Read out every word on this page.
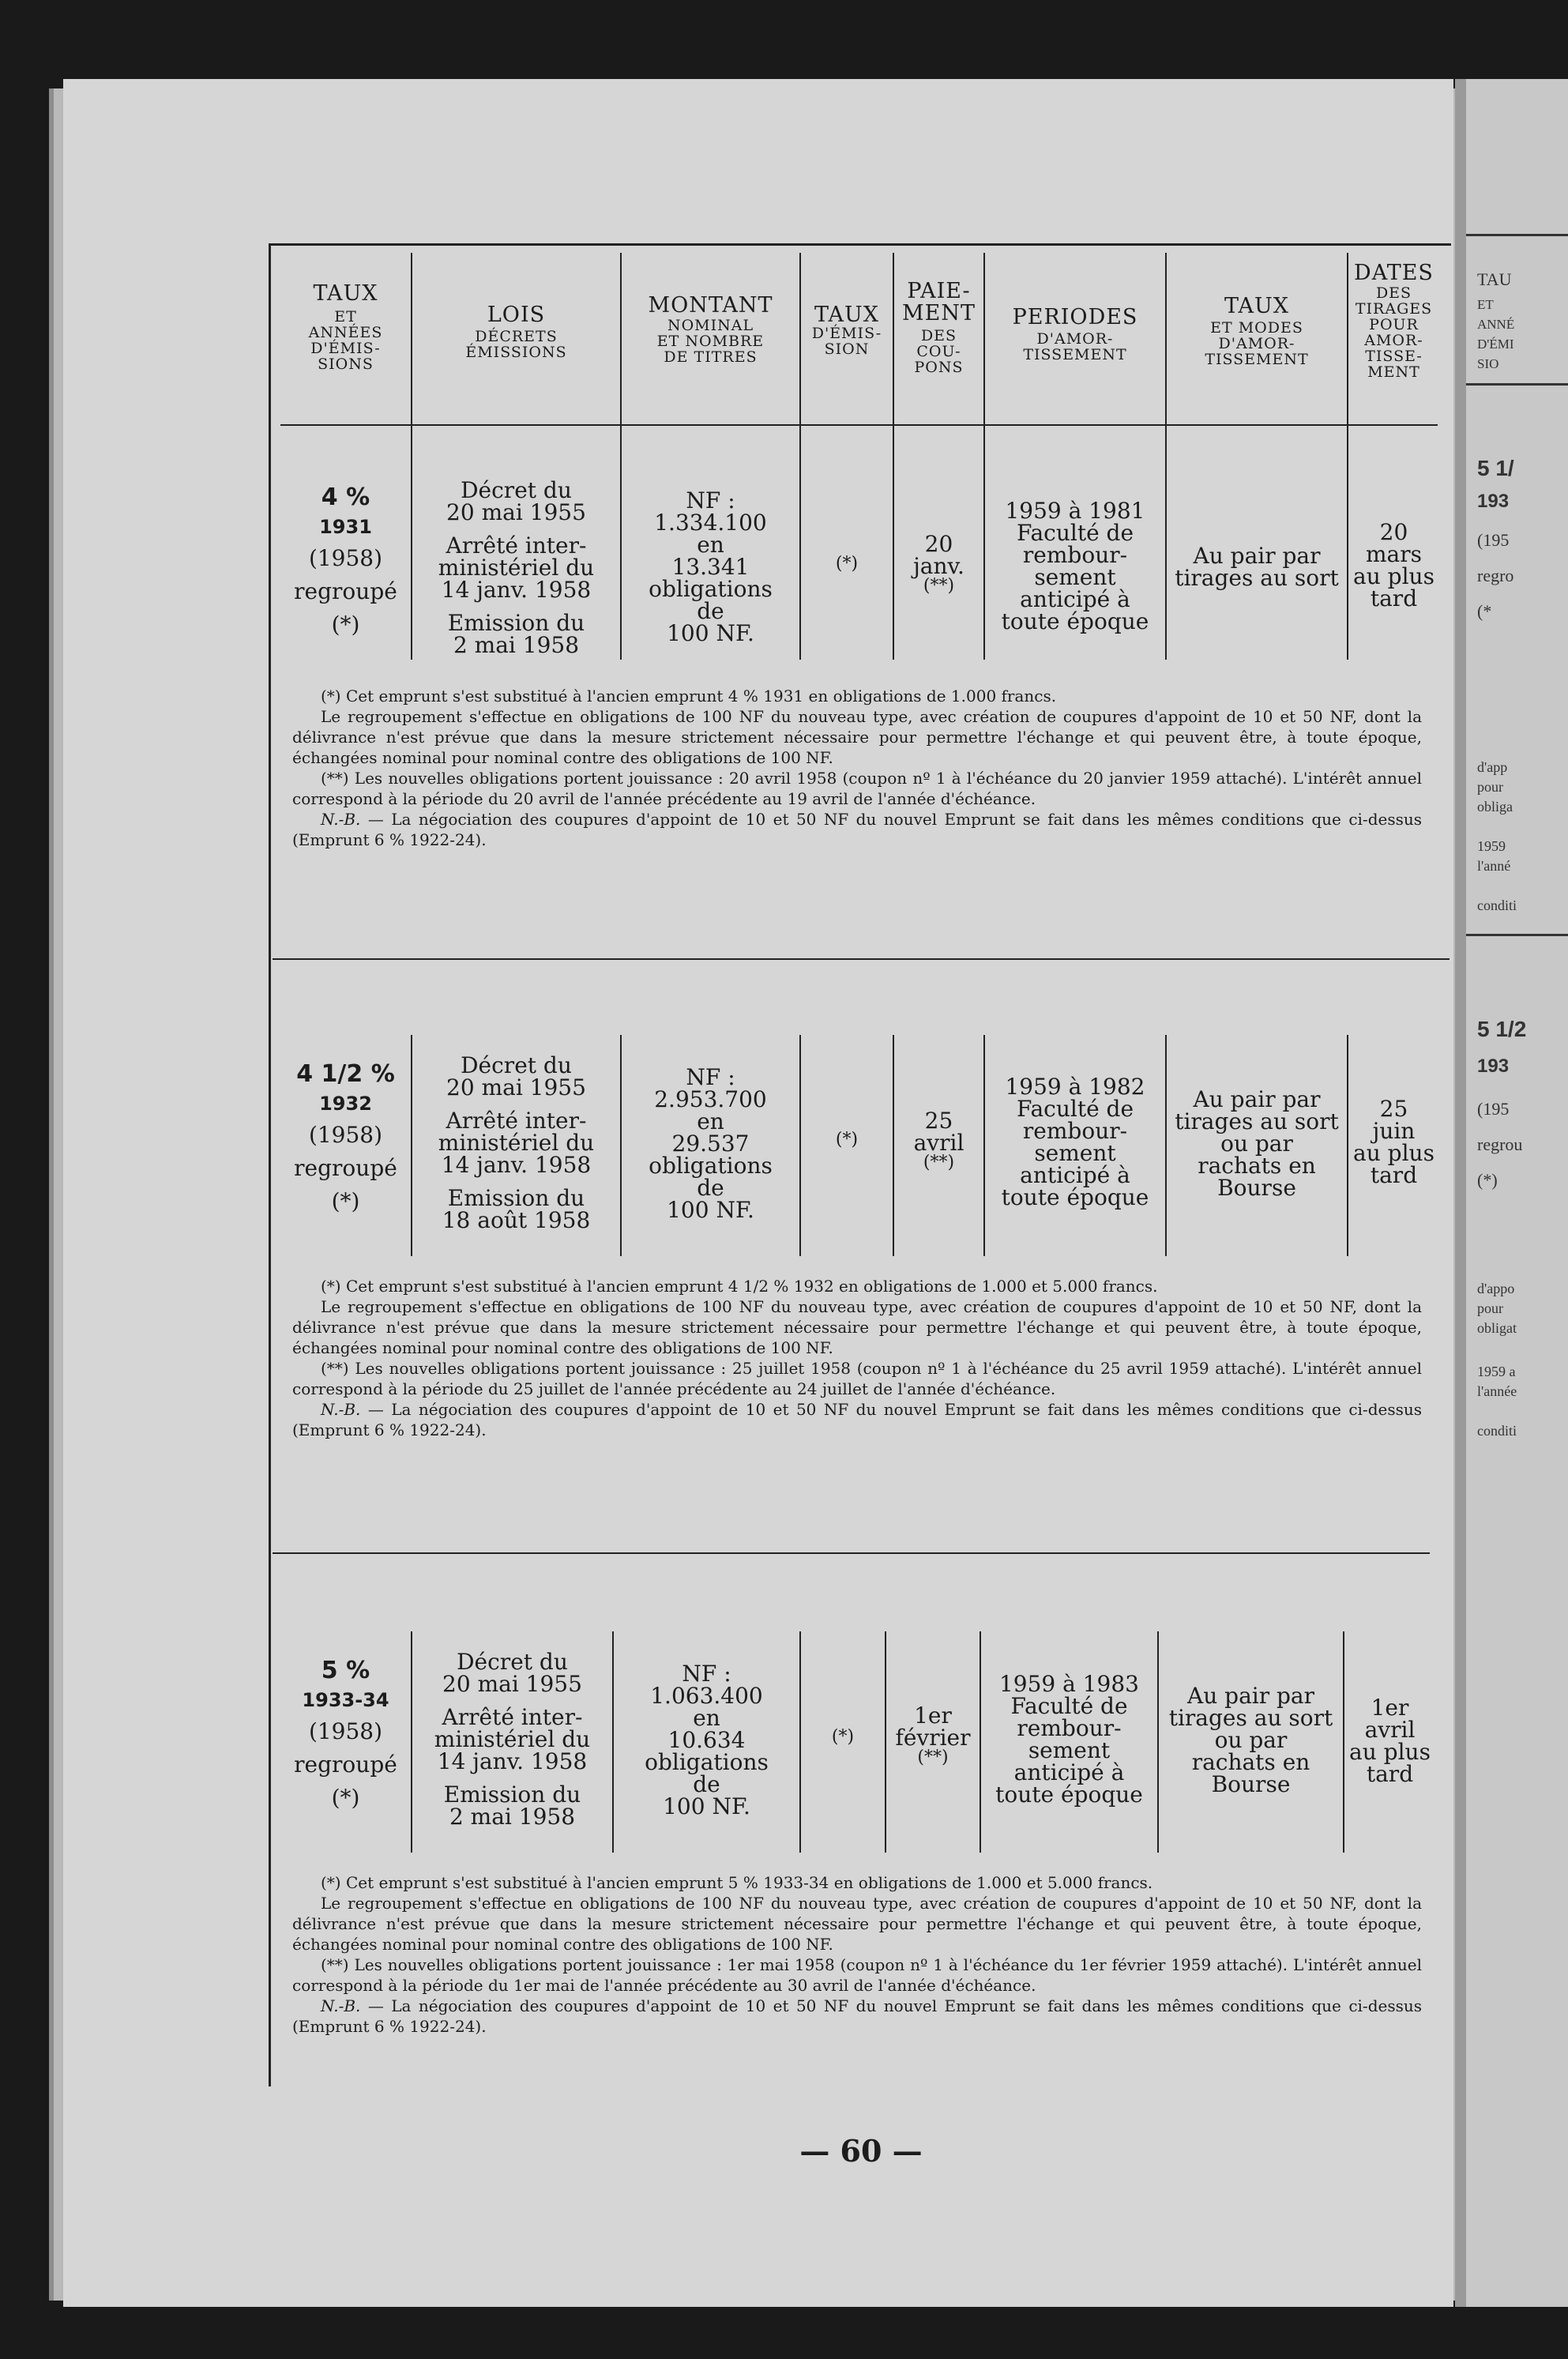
TAU
ET
ANNÉ
D'ÉMI
SIO
5 1/
193
(195
regro
(*
d'app
pour
obliga
1959
l'anné
conditi
5 1/2
193
(195
regrou
(*)
d'appo
pour
obligat
1959 a
l'année
conditi
TAUX
ET
ANNÉES
D'ÉMIS-
SIONS
LOIS
DÉCRETS
ÉMISSIONS
MONTANT
NOMINAL
ET NOMBRE
DE TITRES
TAUX
D'ÉMIS-
SION
PAIE-
MENT
DES
COU-
PONS
PERIODES
D'AMOR-
TISSEMENT
TAUX
ET MODES
D'AMOR-
TISSEMENT
DATES
DES
TIRAGES
POUR
AMOR-
TISSE-
MENT
4 %
1931
(1958)
regroupé
(*)
Décret du
20 mai 1955
Arrêté inter-
ministériel du
14 janv. 1958
Emission du
2 mai 1958
NF :
1.334.100
en
13.341
obligations
de
100 NF.
(*)
20
janv.
(**)
1959 à 1981
Faculté de
rembour-
sement
anticipé à
toute époque
Au pair par
tirages au sort
20
mars
au plus
tard

(*) Cet emprunt s'est substitué à l'ancien emprunt 4 % 1931 en obligations de 1.000 francs.

Le regroupement s'effectue en obligations de 100 NF du nouveau type, avec création de coupures d'appoint de 10 et 50 NF, dont la délivrance n'est prévue que dans la mesure strictement nécessaire pour permettre l'échange et qui peuvent être, à toute époque, échangées nominal pour nominal contre des obligations de 100 NF.

(**) Les nouvelles obligations portent jouissance : 20 avril 1958 (coupon nº 1 à l'échéance du 20 janvier 1959 attaché). L'intérêt annuel correspond à la période du 20 avril de l'année précédente au 19 avril de l'année d'échéance.

N.-B. — La négociation des coupures d'appoint de 10 et 50 NF du nouvel Emprunt se fait dans les mêmes conditions que ci-dessus (Emprunt 6 % 1922-24).

4 1/2 %
1932
(1958)
regroupé
(*)
Décret du
20 mai 1955
Arrêté inter-
ministériel du
14 janv. 1958
Emission du
18 août 1958
NF :
2.953.700
en
29.537
obligations
de
100 NF.
(*)
25
avril
(**)
1959 à 1982
Faculté de
rembour-
sement
anticipé à
toute époque
Au pair par
tirages au sort
ou par
rachats en
Bourse
25
juin
au plus
tard

(*) Cet emprunt s'est substitué à l'ancien emprunt 4 1/2 % 1932 en obligations de 1.000 et 5.000 francs.

Le regroupement s'effectue en obligations de 100 NF du nouveau type, avec création de coupures d'appoint de 10 et 50 NF, dont la délivrance n'est prévue que dans la mesure strictement nécessaire pour permettre l'échange et qui peuvent être, à toute époque, échangées nominal pour nominal contre des obligations de 100 NF.

(**) Les nouvelles obligations portent jouissance : 25 juillet 1958 (coupon nº 1 à l'échéance du 25 avril 1959 attaché). L'intérêt annuel correspond à la période du 25 juillet de l'année précédente au 24 juillet de l'année d'échéance.

N.-B. — La négociation des coupures d'appoint de 10 et 50 NF du nouvel Emprunt se fait dans les mêmes conditions que ci-dessus (Emprunt 6 % 1922-24).

5 %
1933-34
(1958)
regroupé
(*)
Décret du
20 mai 1955
Arrêté inter-
ministériel du
14 janv. 1958
Emission du
2 mai 1958
NF :
1.063.400
en
10.634
obligations
de
100 NF.
(*)
1er
février
(**)
1959 à 1983
Faculté de
rembour-
sement
anticipé à
toute époque
Au pair par
tirages au sort
ou par
rachats en
Bourse
1er
avril
au plus
tard

(*) Cet emprunt s'est substitué à l'ancien emprunt 5 % 1933-34 en obligations de 1.000 et 5.000 francs.

Le regroupement s'effectue en obligations de 100 NF du nouveau type, avec création de coupures d'appoint de 10 et 50 NF, dont la délivrance n'est prévue que dans la mesure strictement nécessaire pour permettre l'échange et qui peuvent être, à toute époque, échangées nominal pour nominal contre des obligations de 100 NF.

(**) Les nouvelles obligations portent jouissance : 1er mai 1958 (coupon nº 1 à l'échéance du 1er février 1959 attaché). L'intérêt annuel correspond à la période du 1er mai de l'année précédente au 30 avril de l'année d'échéance.

N.-B. — La négociation des coupures d'appoint de 10 et 50 NF du nouvel Emprunt se fait dans les mêmes conditions que ci-dessus (Emprunt 6 % 1922-24).

— 60 —
